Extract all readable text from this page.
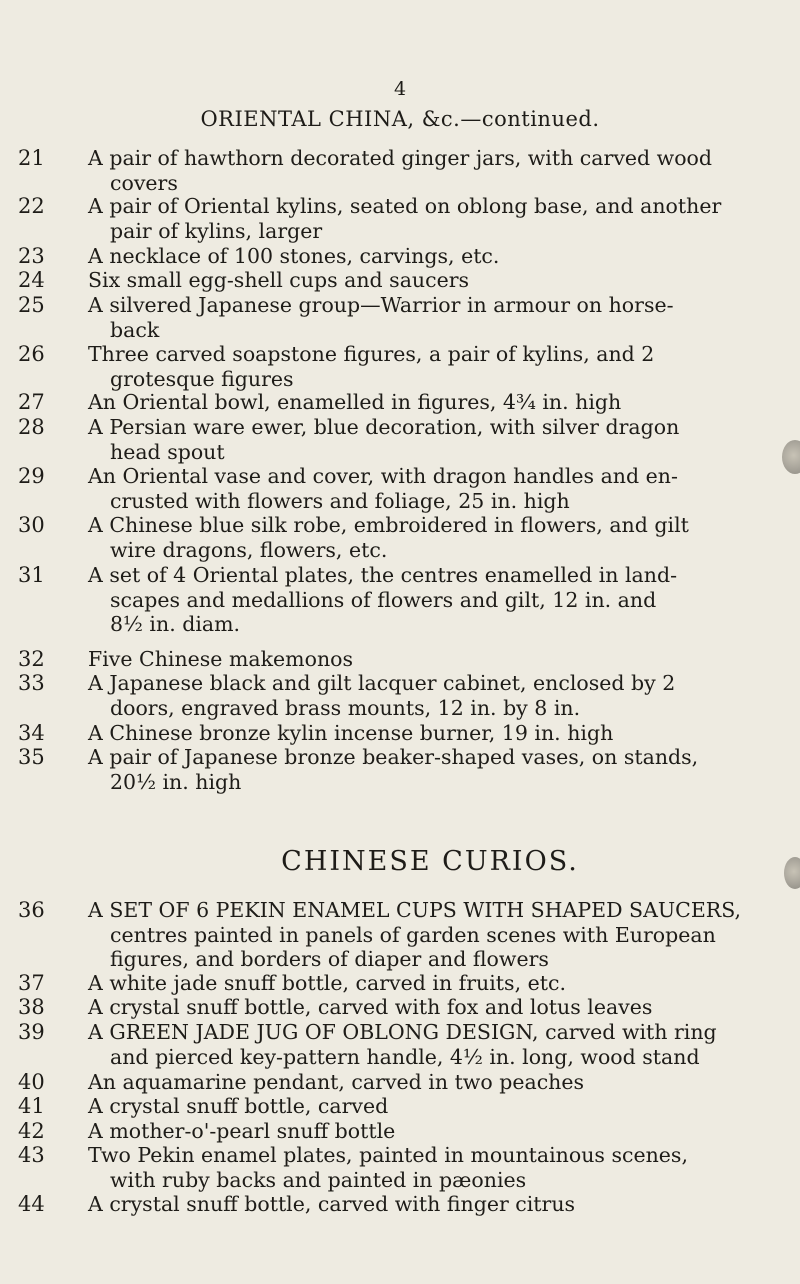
4
ORIENTAL CHINA, &c.—continued.
21	A pair of hawthorn decorated ginger jars, with carved wood
covers
22	A pair of Oriental kylins, seated on oblong base, and another
pair of kylins, larger
23	A necklace of 100 stones, carvings, etc.
24	Six small egg-shell cups and saucers
25	A silvered Japanese group—Warrior in armour on horse-
back
26	Three carved soapstone figures, a pair of kylins, and 2
grotesque figures
27	An Oriental bowl, enamelled in figures, 4¾ in. high
28	A Persian ware ewer, blue decoration, with silver dragon
head spout
29	An Oriental vase and cover, with dragon handles and en-
crusted with flowers and foliage, 25 in. high
30	A Chinese blue silk robe, embroidered in flowers, and gilt
wire dragons, flowers, etc.
31	A set of 4 Oriental plates, the centres enamelled in land-
scapes and medallions of flowers and gilt, 12 in. and
8½ in. diam.
32	Five Chinese makemonos
33	A Japanese black and gilt lacquer cabinet, enclosed by 2
doors, engraved brass mounts, 12 in. by 8 in.
34	A Chinese bronze kylin incense burner, 19 in. high
35	A pair of Japanese bronze beaker-shaped vases, on stands,
20½ in. high
CHINESE CURIOS.
36	A SET OF 6 PEKIN ENAMEL CUPS WITH SHAPED SAUCERS,
centres painted in panels of garden scenes with European
figures, and borders of diaper and flowers
37	A white jade snuff bottle, carved in fruits, etc.
38	A crystal snuff bottle, carved with fox and lotus leaves
39	A GREEN JADE JUG OF OBLONG DESIGN, carved with ring
and pierced key-pattern handle, 4½ in. long, wood stand
40	An aquamarine pendant, carved in two peaches
41	A crystal snuff bottle, carved
42	A mother-o'-pearl snuff bottle
43	Two Pekin enamel plates, painted in mountainous scenes,
with ruby backs and painted in pæonies
44	A crystal snuff bottle, carved with finger citrus
